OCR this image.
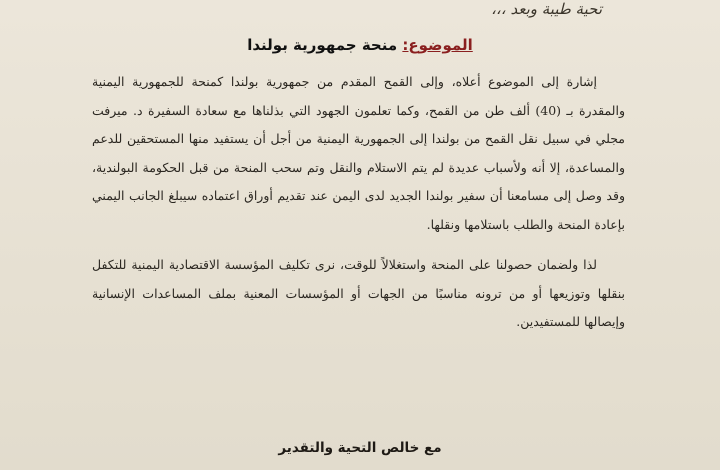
تحية طيبة وبعد ،،،

الموضوع: منحة جمهورية بولندا

إشارة إلى الموضوع أعلاه، وإلى القمح المقدم من جمهورية بولندا كمنحة للجمهورية اليمنية والمقدرة بـ (40) ألف طن من القمح، وكما تعلمون الجهود التي بذلناها مع سعادة السفيرة د. ميرفت مجلي في سبيل نقل القمح من بولندا إلى الجمهورية اليمنية من أجل أن يستفيد منها المستحقين للدعم والمساعدة، إلا أنه ولأسباب عديدة لم يتم الاستلام والنقل وتم سحب المنحة من قبل الحكومة البولندية، وقد وصل إلى مسامعنا أن سفير بولندا الجديد لدى اليمن عند تقديم أوراق اعتماده سيبلغ الجانب اليمني بإعادة المنحة والطلب باستلامها ونقلها.

لذا ولضمان حصولنا على المنحة واستغلالاً للوقت، نرى تكليف المؤسسة الاقتصادية اليمنية للتكفل بنقلها وتوزيعها أو من ترونه مناسبًا من الجهات أو المؤسسات المعنية بملف المساعدات الإنسانية وإيصالها للمستفيدين.

مع خالص التحية والتقدير
